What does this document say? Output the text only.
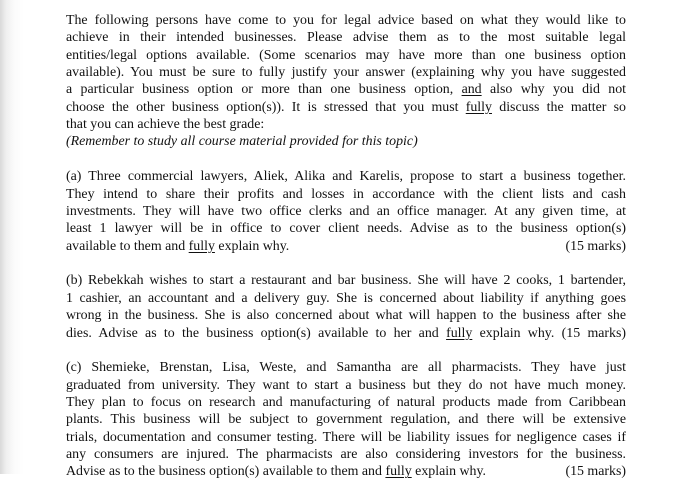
The following persons have come to you for legal advice based on what they would like to
achieve in their intended businesses. Please advise them as to the most suitable legal
entities/legal options available. (Some scenarios may have more than one business option
available). You must be sure to fully justify your answer (explaining why you have suggested
a particular business option or more than one business option, and also why you did not
choose the other business option(s)). It is stressed that you must fully discuss the matter so
that you can achieve the best grade:
(Remember to study all course material provided for this topic)
(a) Three commercial lawyers, Aliek, Alika and Karelis, propose to start a business together.
They intend to share their profits and losses in accordance with the client lists and cash
investments. They will have two office clerks and an office manager. At any given time, at
least 1 lawyer will be in office to cover client needs. Advise as to the business option(s)
available to them and fully explain why.	(15 marks)
(b) Rebekkah wishes to start a restaurant and bar business. She will have 2 cooks, 1 bartender,
1 cashier, an accountant and a delivery guy. She is concerned about liability if anything goes
wrong in the business. She is also concerned about what will happen to the business after she
dies. Advise as to the business option(s) available to her and fully explain why. (15 marks)
(c) Shemieke, Brenstan, Lisa, Weste, and Samantha are all pharmacists. They have just
graduated from university. They want to start a business but they do not have much money.
They plan to focus on research and manufacturing of natural products made from Caribbean
plants. This business will be subject to government regulation, and there will be extensive
trials, documentation and consumer testing. There will be liability issues for negligence cases if
any consumers are injured. The pharmacists are also considering investors for the business.
Advise as to the business option(s) available to them and fully explain why.	(15 marks)
